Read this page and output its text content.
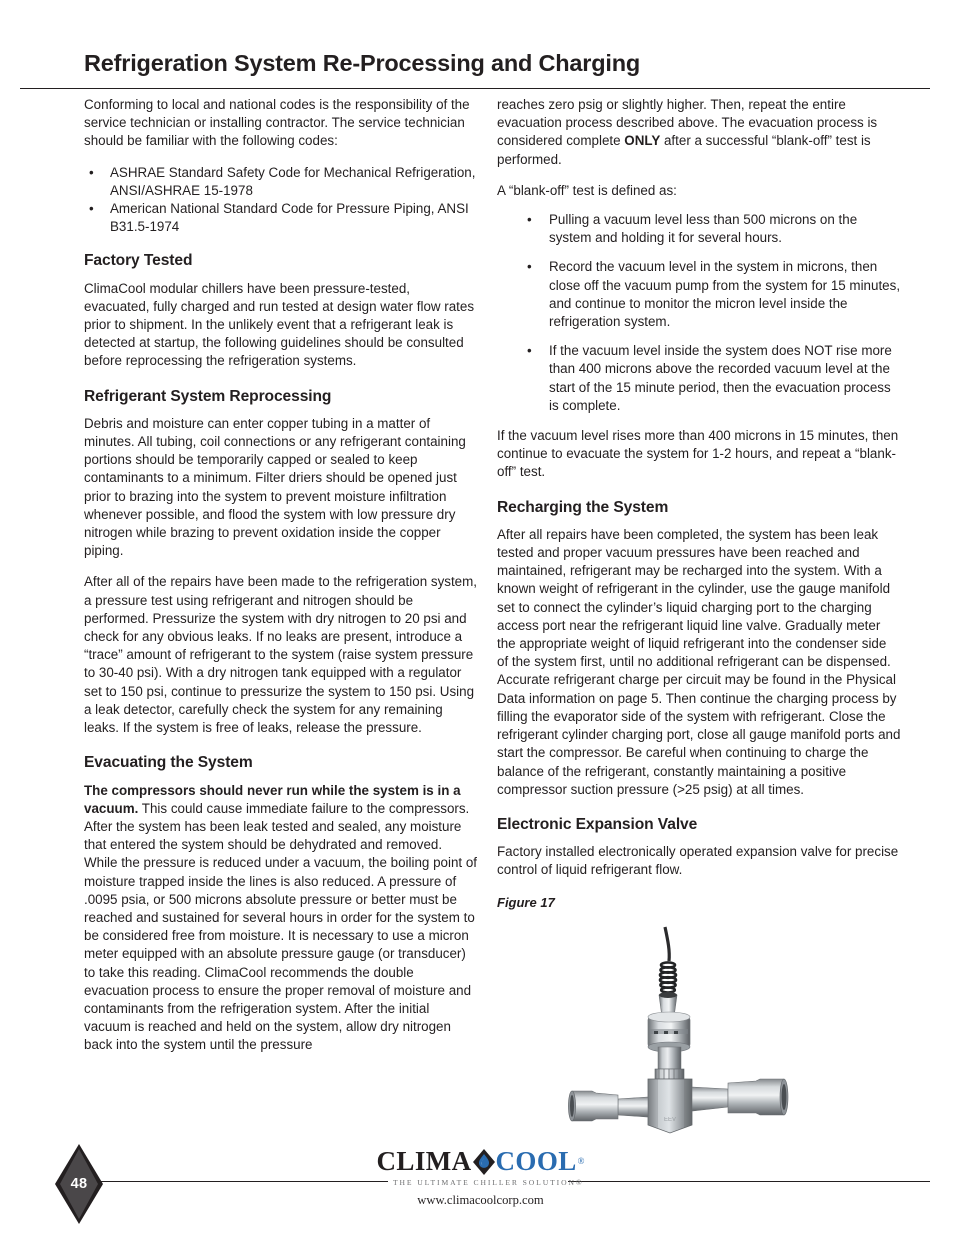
Refrigeration System Re-Processing and Charging

Conforming to local and national codes is the responsibility of the service technician or installing contractor. The service technician should be familiar with the following codes:

• ASHRAE Standard Safety Code for Mechanical Refrigeration, ANSI/ASHRAE 15-1978
• American National Standard Code for Pressure Piping, ANSI B31.5-1974
Factory Tested

ClimaCool modular chillers have been pressure-tested, evacuated, fully charged and run tested at design water flow rates prior to shipment. In the unlikely event that a refrigerant leak is detected at startup, the following guidelines should be consulted before reprocessing the refrigeration systems.

Refrigerant System Reprocessing

Debris and moisture can enter copper tubing in a matter of minutes. All tubing, coil connections or any refrigerant containing portions should be temporarily capped or sealed to keep contaminants to a minimum. Filter driers should be opened just prior to brazing into the system to prevent moisture infiltration whenever possible, and flood the system with low pressure dry nitrogen while brazing to prevent oxidation inside the copper piping.

After all of the repairs have been made to the refrigeration system, a pressure test using refrigerant and nitrogen should be performed. Pressurize the system with dry nitrogen to 20 psi and check for any obvious leaks. If no leaks are present, introduce a “trace” amount of refrigerant to the system (raise system pressure to 30-40 psi). With a dry nitrogen tank equipped with a regulator set to 150 psi, continue to pressurize the system to 150 psi. Using a leak detector, carefully check the system for any remaining leaks. If the system is free of leaks, release the pressure.

Evacuating the System

The compressors should never run while the system is in a vacuum. This could cause immediate failure to the compressors. After the system has been leak tested and sealed, any moisture that entered the system should be dehydrated and removed. While the pressure is reduced under a vacuum, the boiling point of moisture trapped inside the lines is also reduced. A pressure of .0095 psia, or 500 microns absolute pressure or better must be reached and sustained for several hours in order for the system to be considered free from moisture. It is necessary to use a micron meter equipped with an absolute pressure gauge (or transducer) to take this reading. ClimaCool recommends the double evacuation process to ensure the proper removal of moisture and contaminants from the refrigeration system. After the initial vacuum is reached and held on the system, allow dry nitrogen back into the system until the pressure

reaches zero psig or slightly higher. Then, repeat the entire evacuation process described above. The evacuation process is considered complete ONLY after a successful “blank-off” test is performed.

A “blank-off” test is defined as:

• Pulling a vacuum level less than 500 microns on the system and holding it for several hours.
• Record the vacuum level in the system in microns, then close off the vacuum pump from the system for 15 minutes, and continue to monitor the micron level inside the refrigeration system.
• If the vacuum level inside the system does NOT rise more than 400 microns above the recorded vacuum level at the start of the 15 minute period, then the evacuation process is complete.

If the vacuum level rises more than 400 microns in 15 minutes, then continue to evacuate the system for 1-2 hours, and repeat a “blank-off” test.

Recharging the System

After all repairs have been completed, the system has been leak tested and proper vacuum pressures have been reached and maintained, refrigerant may be recharged into the system. With a known weight of refrigerant in the cylinder, use the gauge manifold set to connect the cylinder’s liquid charging port to the charging access port near the refrigerant liquid line valve. Gradually meter the appropriate weight of liquid refrigerant into the condenser side of the system first, until no additional refrigerant can be dispensed. Accurate refrigerant charge per circuit may be found in the Physical Data information on page 5. Then continue the charging process by filling the evaporator side of the system with refrigerant. Close the refrigerant cylinder charging port, close all gauge manifold ports and start the compressor. Be careful when continuing to charge the balance of the refrigerant, constantly maintaining a positive compressor suction pressure (>25 psig) at all times.

Electronic Expansion Valve

Factory installed electronically operated expansion valve for precise control of liquid refrigerant flow.

Figure 17

EEV
48
CLIMA COOL ®
THE ULTIMATE CHILLER SOLUTION®
www.climacoolcorp.com
